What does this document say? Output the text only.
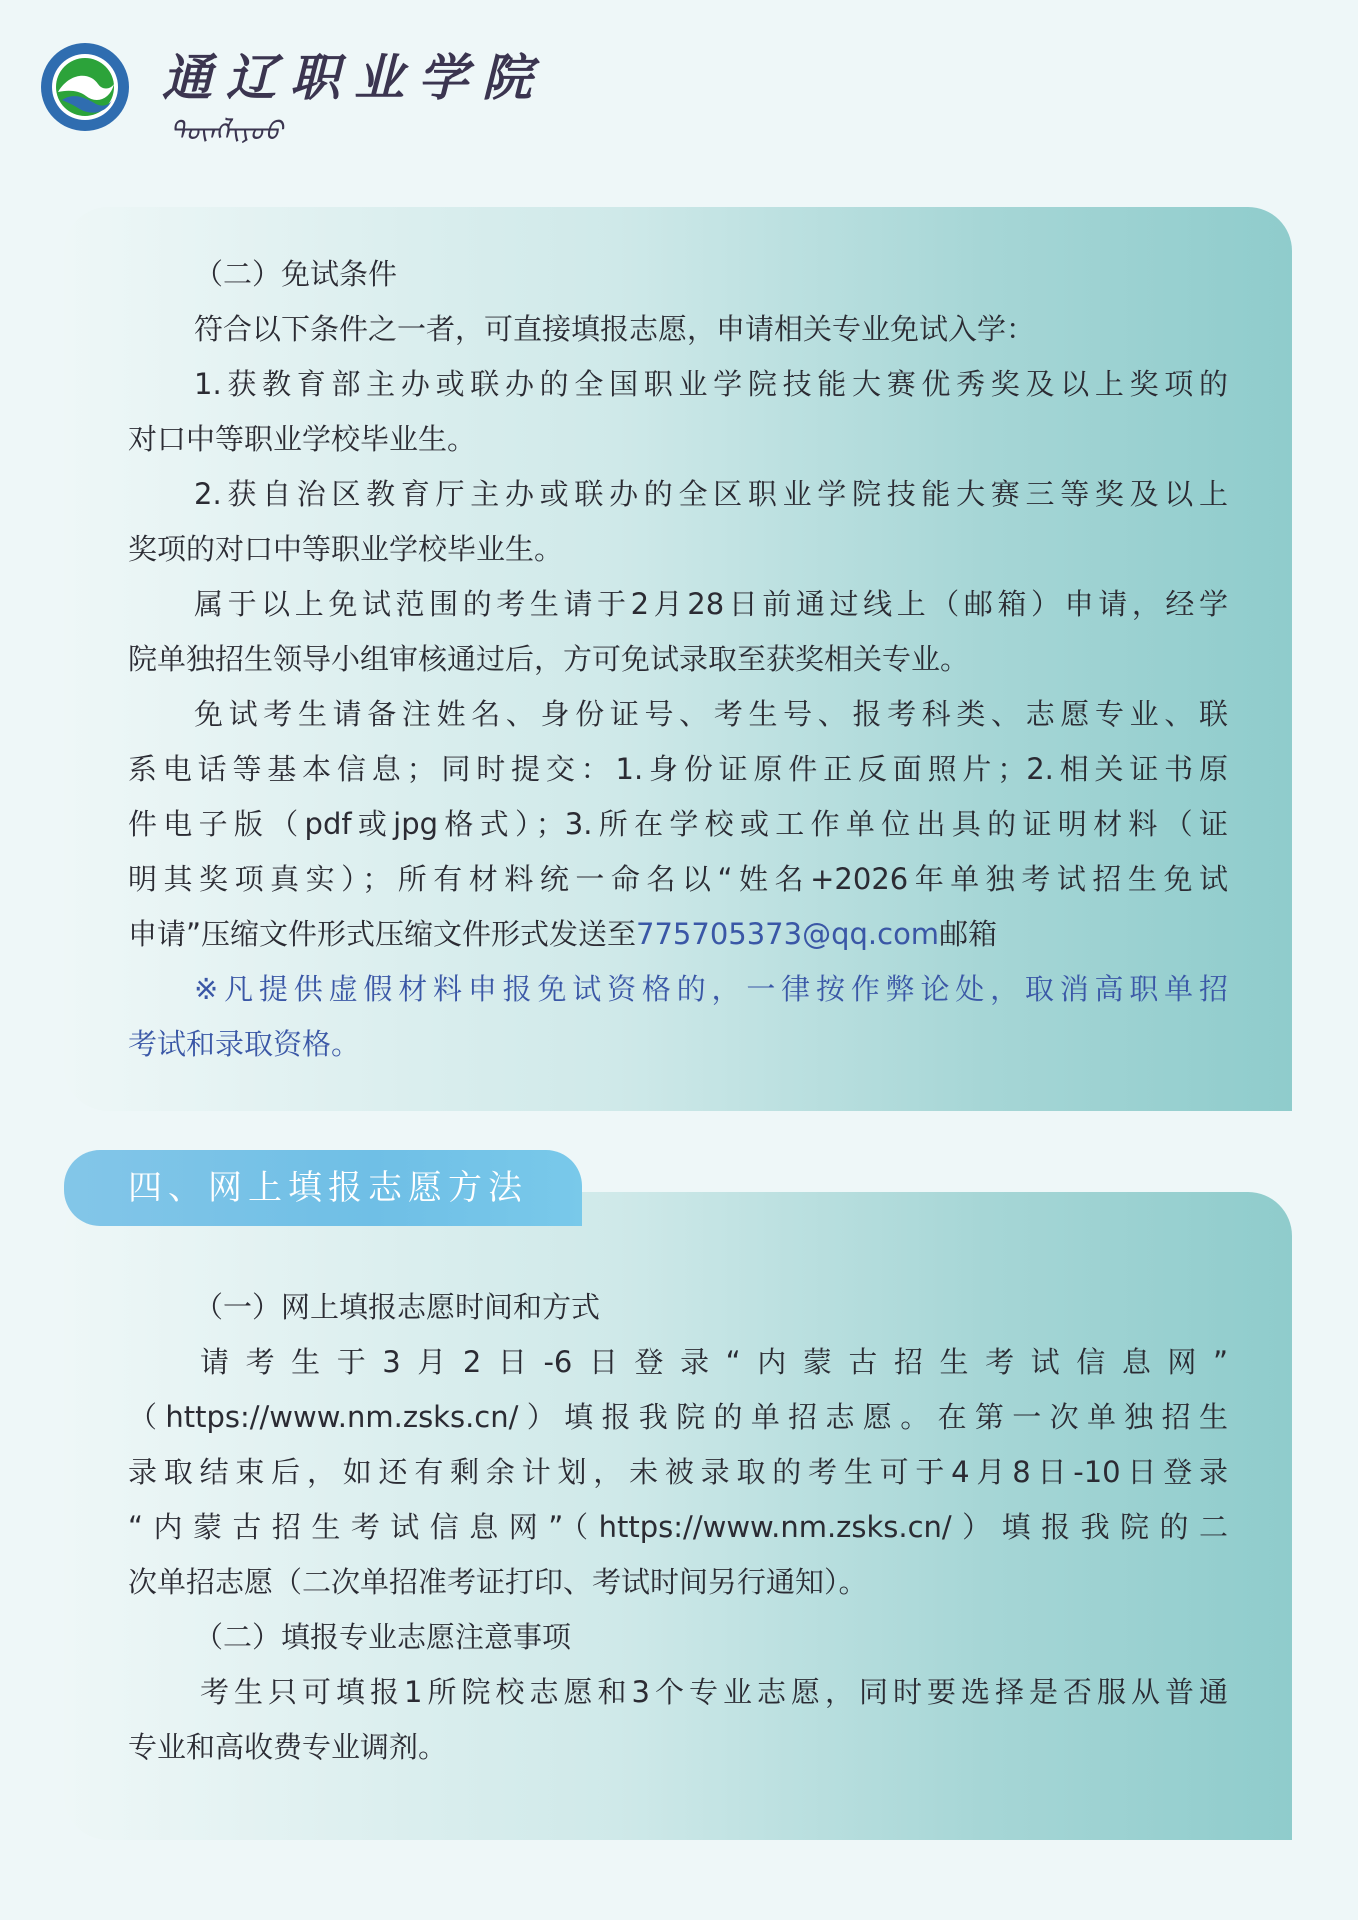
通辽职业学院
ᠲᠦᠩᠯᠢᠶᠣᠣ
（二）免试条件
符合以下条件之一者，可直接填报志愿，申请相关专业免试入学：
1.获教育部主办或联办的全国职业学院技能大赛优秀奖及以上奖项的
对口中等职业学校毕业生。
2.获自治区教育厅主办或联办的全区职业学院技能大赛三等奖及以上
奖项的对口中等职业学校毕业生。
属于以上免试范围的考生请于2月28日前通过线上（邮箱）申请，经学
院单独招生领导小组审核通过后，方可免试录取至获奖相关专业。
免试考生请备注姓名、身份证号、考生号、报考科类、志愿专业、联
系电话等基本信息；同时提交：1.身份证原件正反面照片；2.相关证书原
件电子版（pdf或jpg格式）；3.所在学校或工作单位出具的证明材料（证
明其奖项真实）；所有材料统一命名以“姓名+2026年单独考试招生免试
申请”压缩文件形式压缩文件形式发送至775705373@qq.com邮箱
※凡提供虚假材料申报免试资格的，一律按作弊论处，取消高职单招
考试和录取资格。
（一）网上填报志愿时间和方式
请考生于3月2日-6日登录“内蒙古招生考试信息网”
（https://www.nm.zsks.cn/）填报我院的单招志愿。在第一次单独招生
录取结束后，如还有剩余计划，未被录取的考生可于4月8日-10日登录
“内蒙古招生考试信息网”（https://www.nm.zsks.cn/）填报我院的二
次单招志愿（二次单招准考证打印、考试时间另行通知）。
（二）填报专业志愿注意事项
考生只可填报1所院校志愿和3个专业志愿，同时要选择是否服从普通
专业和高收费专业调剂。
四、网上填报志愿方法
